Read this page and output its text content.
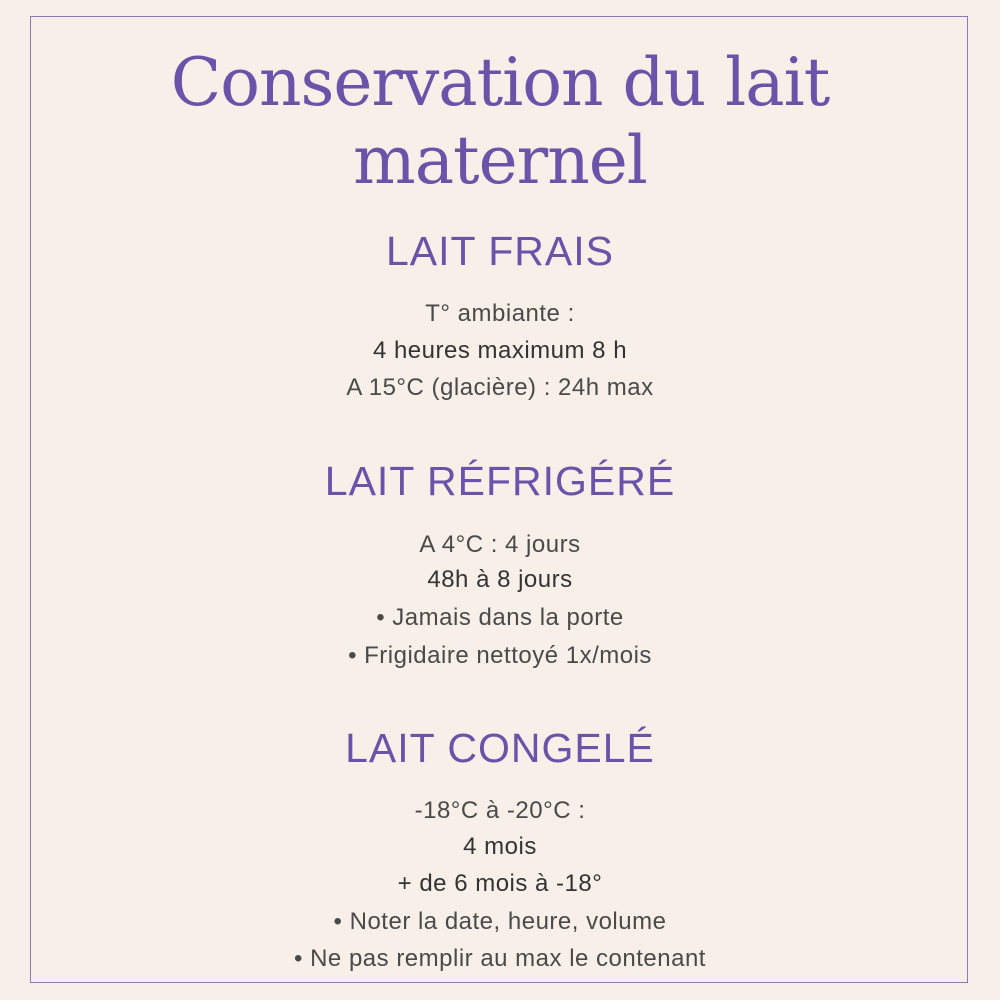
Conservation du lait
maternel
LAIT FRAIS
T° ambiante :
4 heures maximum 8 h
A 15°C (glacière) : 24h max
LAIT RÉFRIGÉRÉ
A 4°C : 4 jours
48h à 8 jours
• Jamais dans la porte
• Frigidaire nettoyé 1x/mois
LAIT CONGELÉ
-18°C à -20°C :
4 mois
+ de 6 mois à -18°
• Noter la date, heure, volume
• Ne pas remplir au max le contenant
